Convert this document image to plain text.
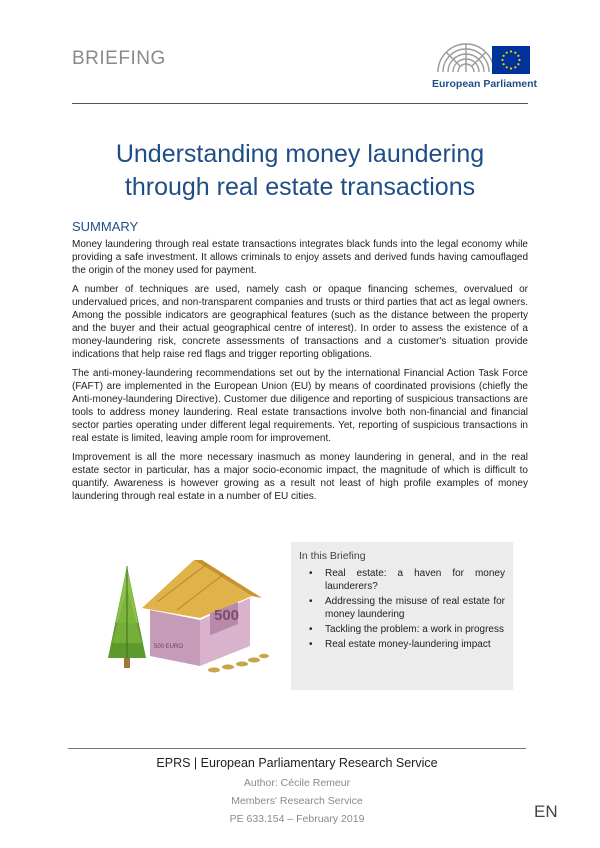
BRIEFING
European Parliament
Understanding money laundering
through real estate transactions
SUMMARY

Money laundering through real estate transactions integrates black funds into the legal economy while providing a safe investment. It allows criminals to enjoy assets and derived funds having camouflaged the origin of the money used for payment.

A number of techniques are used, namely cash or opaque financing schemes, overvalued or undervalued prices, and non-transparent companies and trusts or third parties that act as legal owners. Among the possible indicators are geographical features (such as the distance between the property and the buyer and their actual geographical centre of interest). In order to assess the existence of a money-laundering risk, concrete assessments of transactions and a customer's situation provide indications that help raise red flags and trigger reporting obligations.

The anti-money-laundering recommendations set out by the international Financial Action Task Force (FAFT) are implemented in the European Union (EU) by means of coordinated provisions (chiefly the Anti-money-laundering Directive). Customer due diligence and reporting of suspicious transactions are tools to address money laundering. Real estate transactions involve both non-financial and financial sector parties operating under different legal requirements. Yet, reporting of suspicious transactions in real estate is limited, leaving ample room for improvement.

Improvement is all the more necessary inasmuch as money laundering in general, and in the real estate sector in particular, has a major socio-economic impact, the magnitude of which is difficult to quantify. Awareness is however growing as a result not least of high profile examples of money laundering through real estate in a number of EU cities.

500
500 EURO
In this Briefing
• Real estate: a haven for money launderers?
• Addressing the misuse of real estate for money laundering
• Tackling the problem: a work in progress
• Real estate money-laundering impact
EPRS | European Parliamentary Research Service
Author: Cécile Remeur
Members' Research Service
PE 633.154 – February 2019	EN
